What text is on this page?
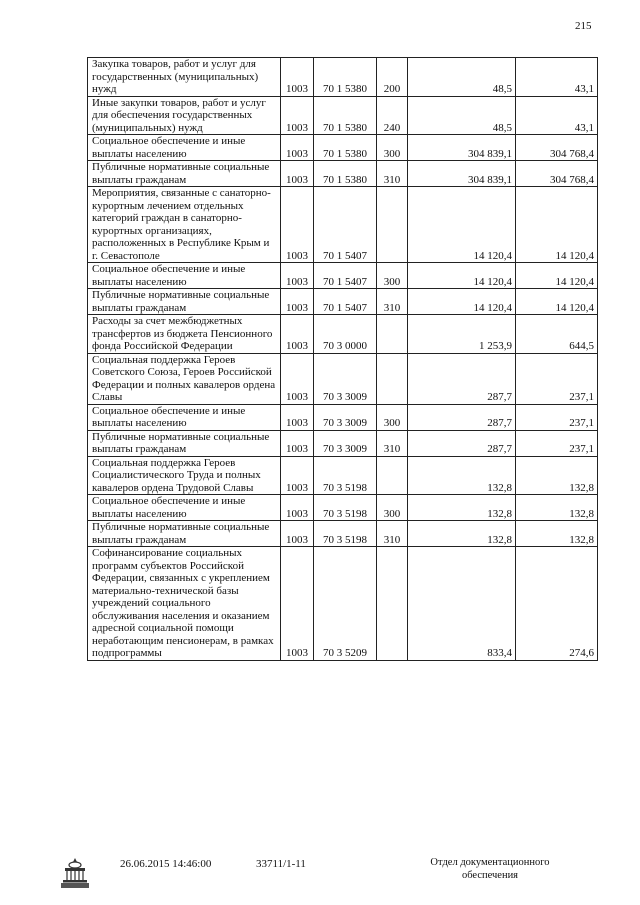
215
Закупка товаров, работ и услуг для государственных (муниципальных) нужд	1003	70 1 5380	200	48,5	43,1
Иные закупки товаров, работ и услуг для обеспечения государственных (муниципальных) нужд	1003	70 1 5380	240	48,5	43,1
Социальное обеспечение и иные выплаты населению	1003	70 1 5380	300	304 839,1	304 768,4
Публичные нормативные социальные выплаты гражданам	1003	70 1 5380	310	304 839,1	304 768,4
Мероприятия, связанные с санаторно-курортным лечением отдельных категорий граждан в санаторно-курортных организациях, расположенных в Республике Крым и г. Севастополе	1003	70 1 5407		14 120,4	14 120,4
Социальное обеспечение и иные выплаты населению	1003	70 1 5407	300	14 120,4	14 120,4
Публичные нормативные социальные выплаты гражданам	1003	70 1 5407	310	14 120,4	14 120,4
Расходы за счет межбюджетных трансфертов из бюджета Пенсионного фонда Российской Федерации	1003	70 3 0000		1 253,9	644,5
Социальная поддержка Героев Советского Союза, Героев Российской Федерации и полных кавалеров ордена Славы	1003	70 3 3009		287,7	237,1
Социальное обеспечение и иные выплаты населению	1003	70 3 3009	300	287,7	237,1
Публичные нормативные социальные выплаты гражданам	1003	70 3 3009	310	287,7	237,1
Социальная поддержка Героев Социалистического Труда и полных кавалеров ордена Трудовой Славы	1003	70 3 5198		132,8	132,8
Социальное обеспечение и иные выплаты населению	1003	70 3 5198	300	132,8	132,8
Публичные нормативные социальные выплаты гражданам	1003	70 3 5198	310	132,8	132,8
Софинансирование социальных программ субъектов Российской Федерации, связанных с укреплением материально-технической базы учреждений социального обслуживания населения и оказанием адресной социальной помощи неработающим пенсионерам, в рамках подпрограммы	1003	70 3 5209		833,4	274,6
26.06.2015 14:46:00	33711/1-11	Отдел документационного
обеспечения
